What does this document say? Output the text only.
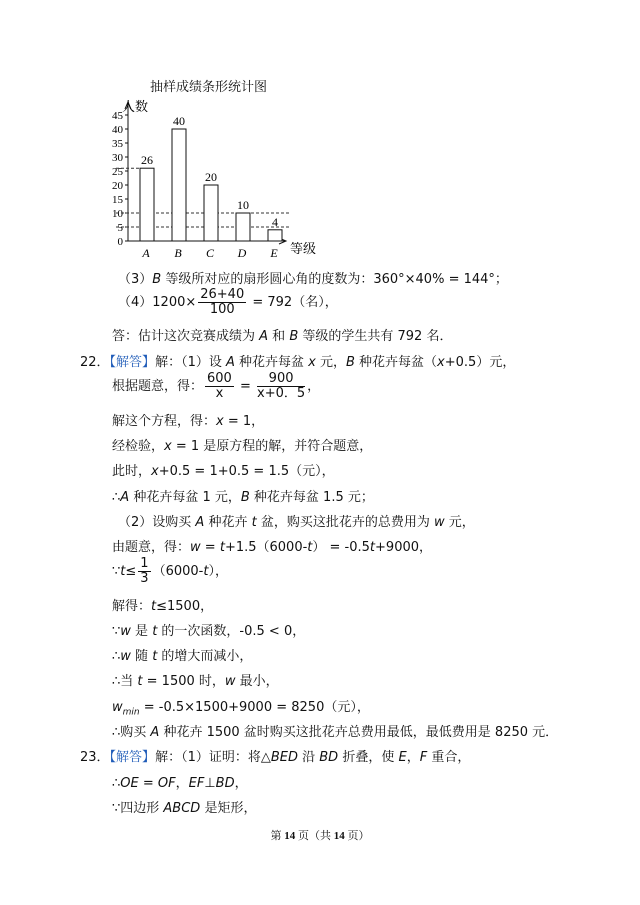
抽样成绩条形统计图
人数
等级
0
5
10
15
20
25
30
35
40
45
26
A
40
B
20
C
10
D
4
E
（3）B 等级所对应的扇形圆心角的度数为：360°×40% = 144°；
$(4)1200\times \frac{26+40}{100} = 792$（名），
答：估计这次竞赛成绩为 A 和 B 等级的学生共有 792 名．
22．【解答】解：（1）设 A 种花卉每盆 x 元，B 种花卉每盆（x+0.5）元，
根据题意，得： $\frac{600}{x} = \frac{900}{x+0.5}$ ，
解这个方程，得：x = 1，
经检验，x = 1 是原方程的解，并符合题意，
此时，x+0.5 = 1+0.5 = 1.5（元），
∴A 种花卉每盆 1 元，B 种花卉每盆 1.5 元；
（2）设购买 A 种花卉 t 盆，购买这批花卉的总费用为 w 元，
由题意，得：w = t+1.5（6000-t） = -0.5t+9000，
∵t≤ $\frac{1}{3} (6000-t)$，
解得：t≤1500，
∵w 是 t 的一次函数，-0.5 < 0，
∴w 随 t 的增大而减小，
∴当 t = 1500 时，w 最小，
$w_{min} = -0.5\times 1500+9000 = 8250$（元），
∴购买 A 种花卉 1500 盆时购买这批花卉总费用最低，最低费用是 8250 元．
23．【解答】解：（1）证明：将△BED 沿 BD 折叠，使 E，F 重合，
∴OE = OF，EF⊥BD，
∵四边形 ABCD 是矩形，
第 14 页（共 14 页）
